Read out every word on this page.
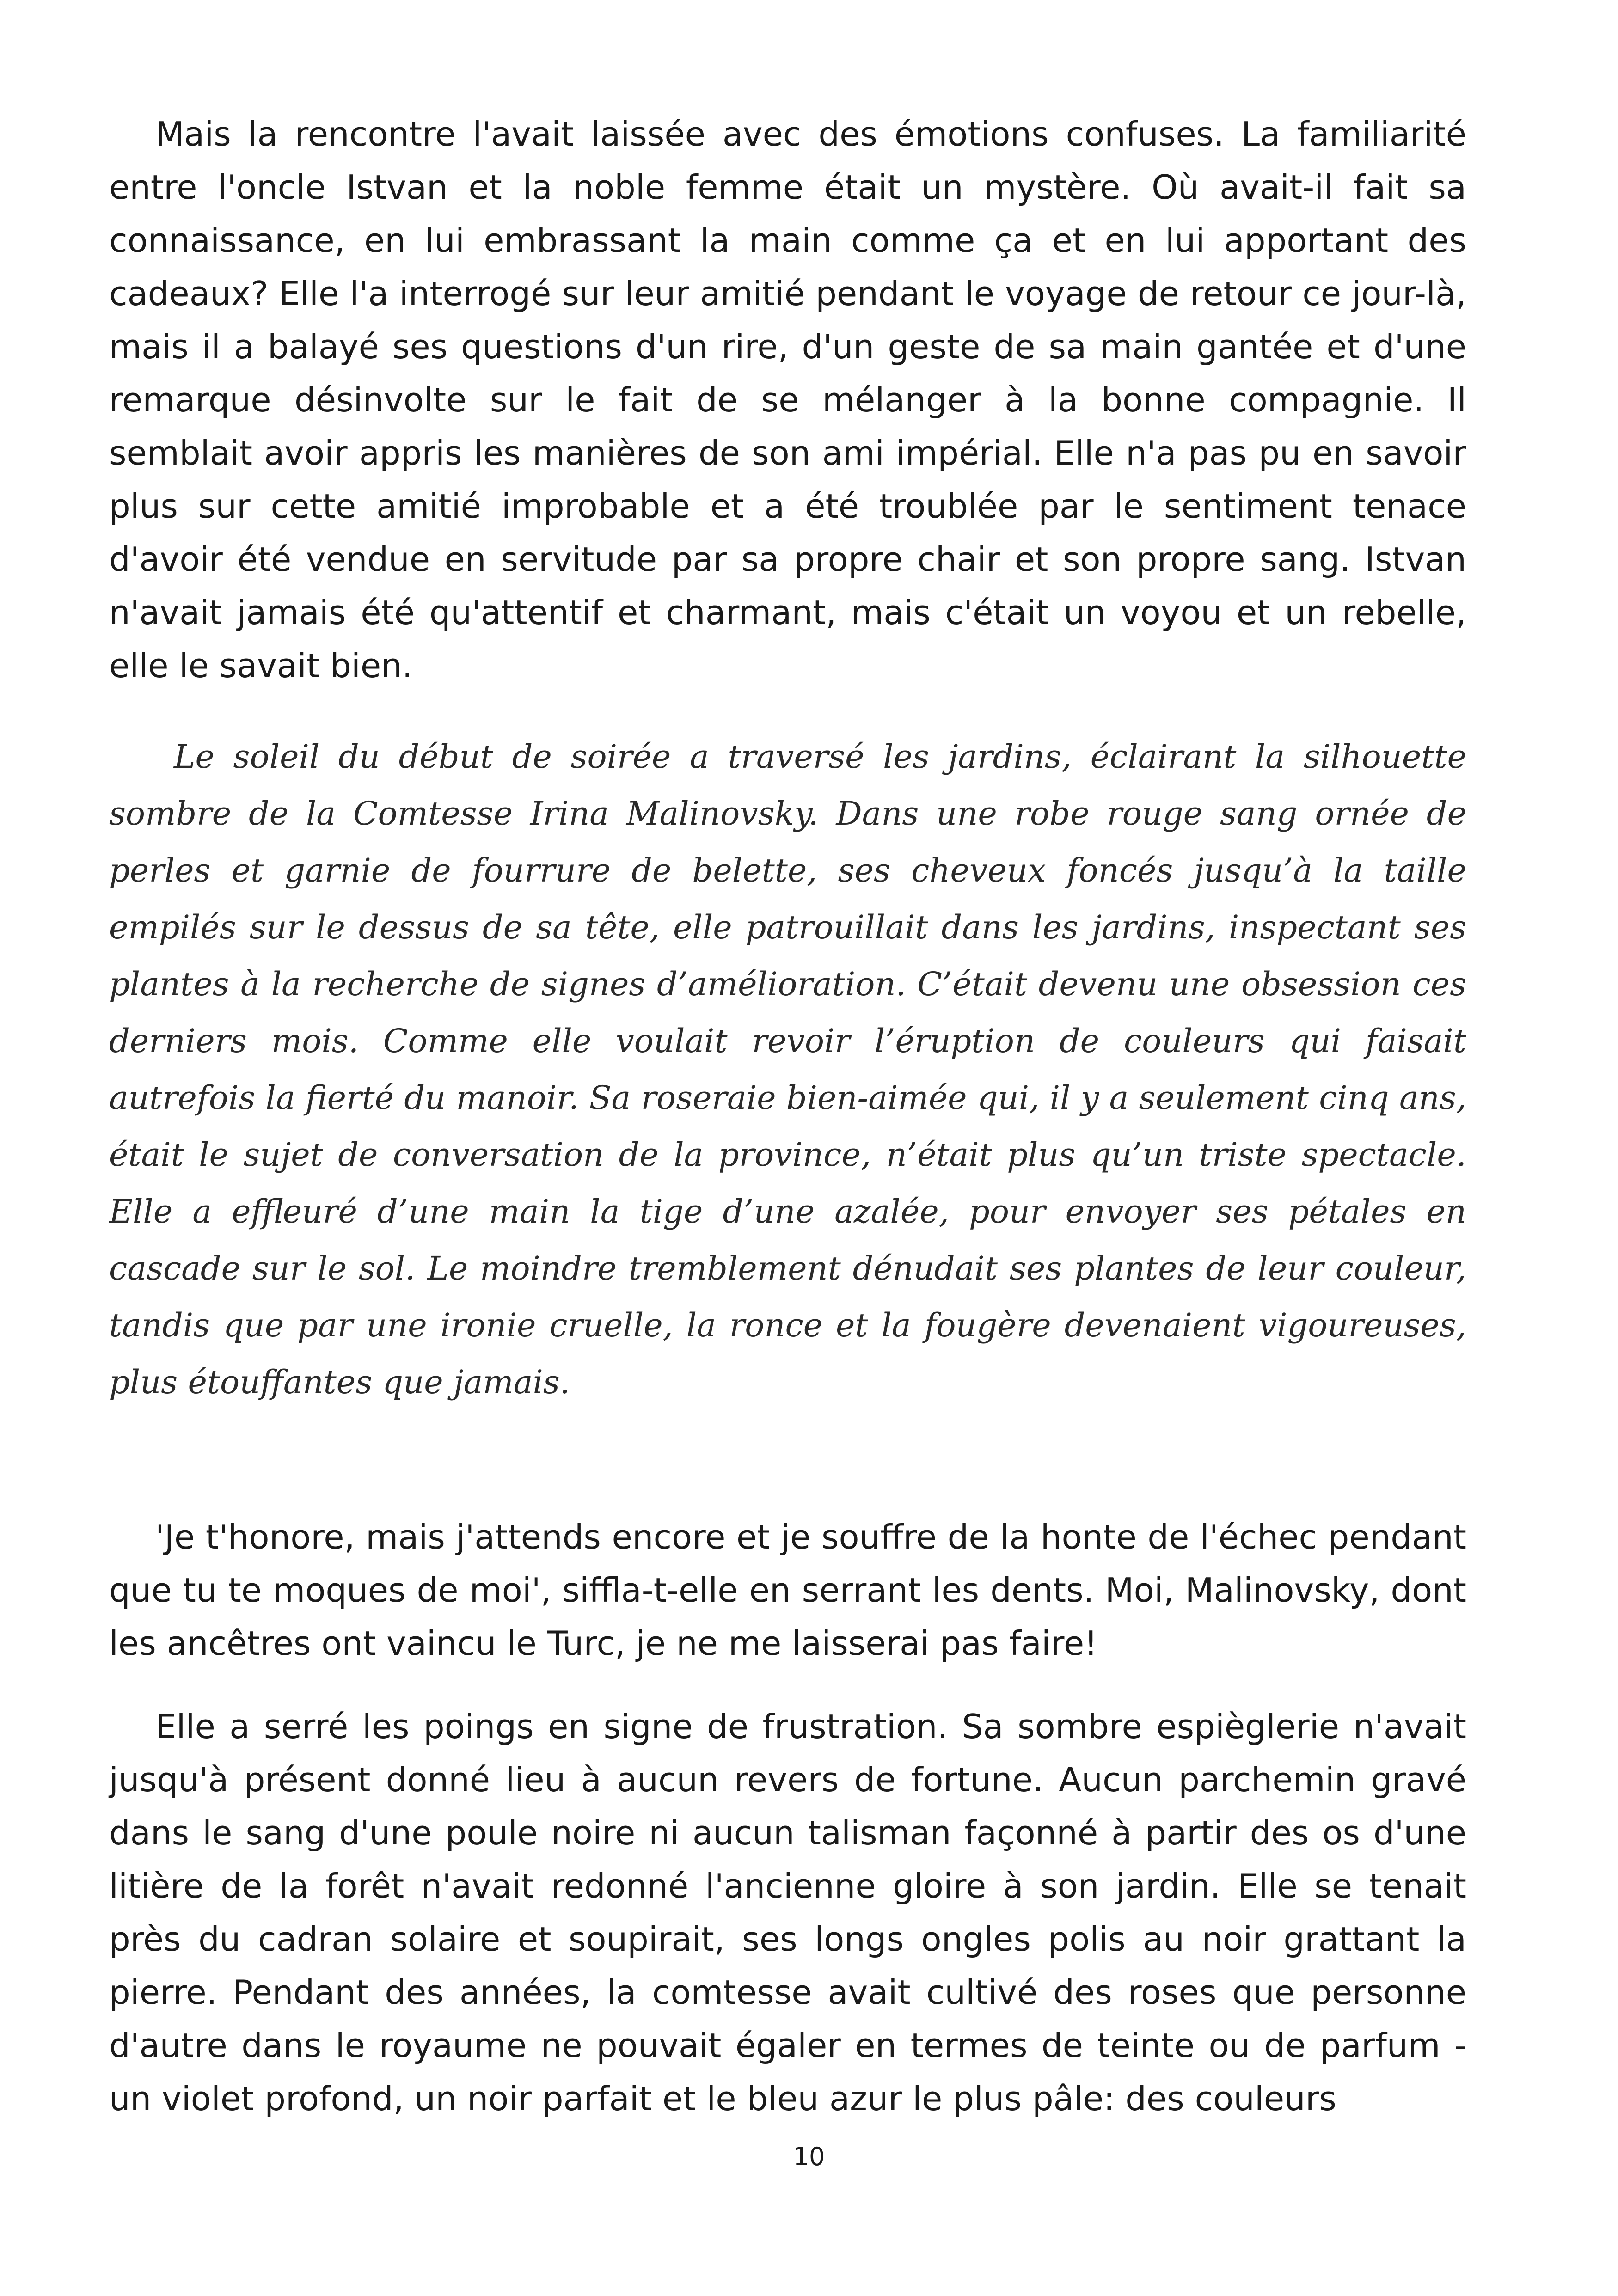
Mais la rencontre l'avait laissée avec des émotions confuses. La familiarité entre l'oncle Istvan et la noble femme était un mystère. Où avait-il fait sa connaissance, en lui embrassant la main comme ça et en lui apportant des cadeaux? Elle l'a interrogé sur leur amitié pendant le voyage de retour ce jour-là, mais il a balayé ses questions d'un rire, d'un geste de sa main gantée et d'une remarque désinvolte sur le fait de se mélanger à la bonne compagnie. Il semblait avoir appris les manières de son ami impérial. Elle n'a pas pu en savoir plus sur cette amitié improbable et a été troublée par le sentiment tenace d'avoir été vendue en servitude par sa propre chair et son propre sang. Istvan n'avait jamais été qu'attentif et charmant, mais c'était un voyou et un rebelle, elle le savait bien.

Le soleil du début de soirée a traversé les jardins, éclairant la silhouette sombre de la Comtesse Irina Malinovsky. Dans une robe rouge sang ornée de perles et garnie de fourrure de belette, ses cheveux foncés jusqu’à la taille empilés sur le dessus de sa tête, elle patrouillait dans les jardins, inspectant ses plantes à la recherche de signes d’amélioration. C’était devenu une obsession ces derniers mois. Comme elle voulait revoir l’éruption de couleurs qui faisait autrefois la fierté du manoir. Sa roseraie bien-aimée qui, il y a seulement cinq ans, était le sujet de conversation de la province, n’était plus qu’un triste spectacle. Elle a effleuré d’une main la tige d’une azalée, pour envoyer ses pétales en cascade sur le sol. Le moindre tremblement dénudait ses plantes de leur couleur, tandis que par une ironie cruelle, la ronce et la fougère devenaient vigoureuses, plus étouffantes que jamais.

'Je t'honore, mais j'attends encore et je souffre de la honte de l'échec pendant que tu te moques de moi', siffla-t-elle en serrant les dents. Moi, Malinovsky, dont les ancêtres ont vaincu le Turc, je ne me laisserai pas faire!

Elle a serré les poings en signe de frustration. Sa sombre espièglerie n'avait jusqu'à présent donné lieu à aucun revers de fortune. Aucun parchemin gravé dans le sang d'une poule noire ni aucun talisman façonné à partir des os d'une litière de la forêt n'avait redonné l'ancienne gloire à son jardin. Elle se tenait près du cadran solaire et soupirait, ses longs ongles polis au noir grattant la pierre. Pendant des années, la comtesse avait cultivé des roses que personne d'autre dans le royaume ne pouvait égaler en termes de teinte ou de parfum - un violet profond, un noir parfait et le bleu azur le plus pâle: des couleurs

10
